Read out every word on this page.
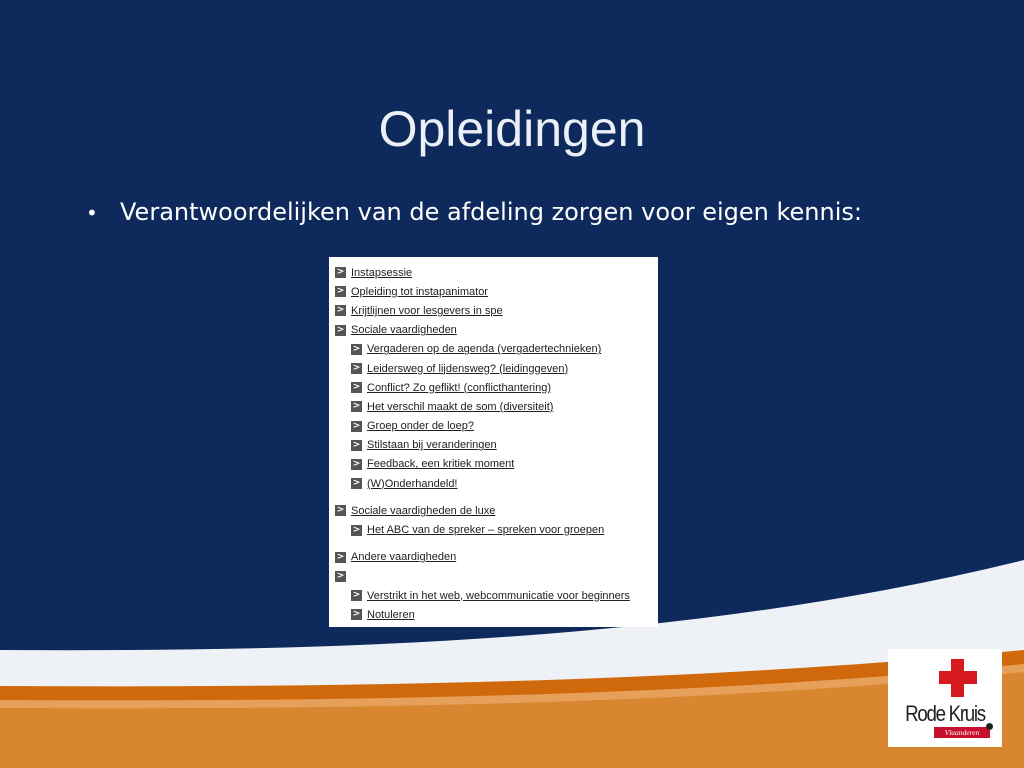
Opleidingen
• Verantwoordelijken van de afdeling zorgen voor eigen kennis:
> Instapsessie
> Opleiding tot instapanimator
> Krijtlijnen voor lesgevers in spe
> Sociale vaardigheden
> Vergaderen op de agenda (vergadertechnieken)
> Leidersweg of lijdensweg? (leidinggeven)
> Conflict? Zo geflikt! (conflicthantering)
> Het verschil maakt de som (diversiteit)
> Groep onder de loep?
> Stilstaan bij veranderingen
> Feedback, een kritiek moment
> (W)Onderhandeld!
> Sociale vaardigheden de luxe
> Het ABC van de spreker – spreken voor groepen
> Andere vaardigheden
>
> Verstrikt in het web, webcommunicatie voor beginners
> Notuleren
Rode Kruis
Vlaanderen
